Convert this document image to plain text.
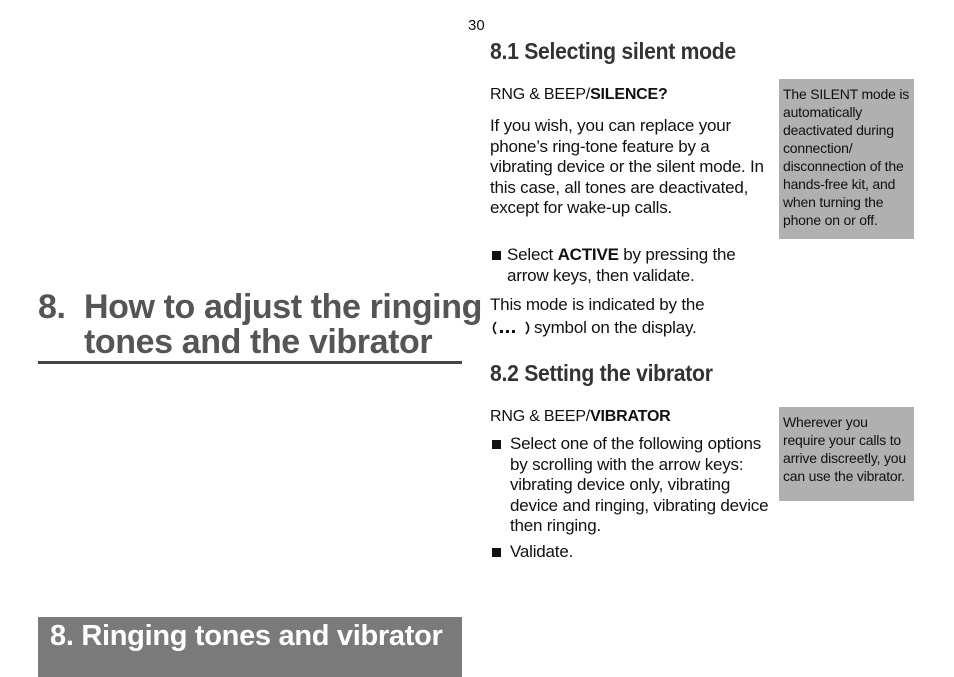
30
8. How to adjust the ringing tones and the vibrator
8. Ringing tones and vibrator
8.1 Selecting silent mode
RNG & BEEP/SILENCE?
If you wish, you can replace your phone’s ring-tone feature by a vibrating device or the silent mode. In this case, all tones are deactivated, except for wake-up calls.
Select ACTIVE by pressing the arrow keys, then validate.
This mode is indicated by the
symbol on the display.
The SILENT mode is automatically deactivated during connection/ disconnection of the hands-free kit, and when turning the phone on or off.
8.2 Setting the vibrator
RNG & BEEP/VIBRATOR
Select one of the following options by scrolling with the arrow keys: vibrating device only, vibrating device and ringing, vibrating device then ringing.
Validate.
Wherever you require your calls to arrive discreetly, you can use the vibrator.
